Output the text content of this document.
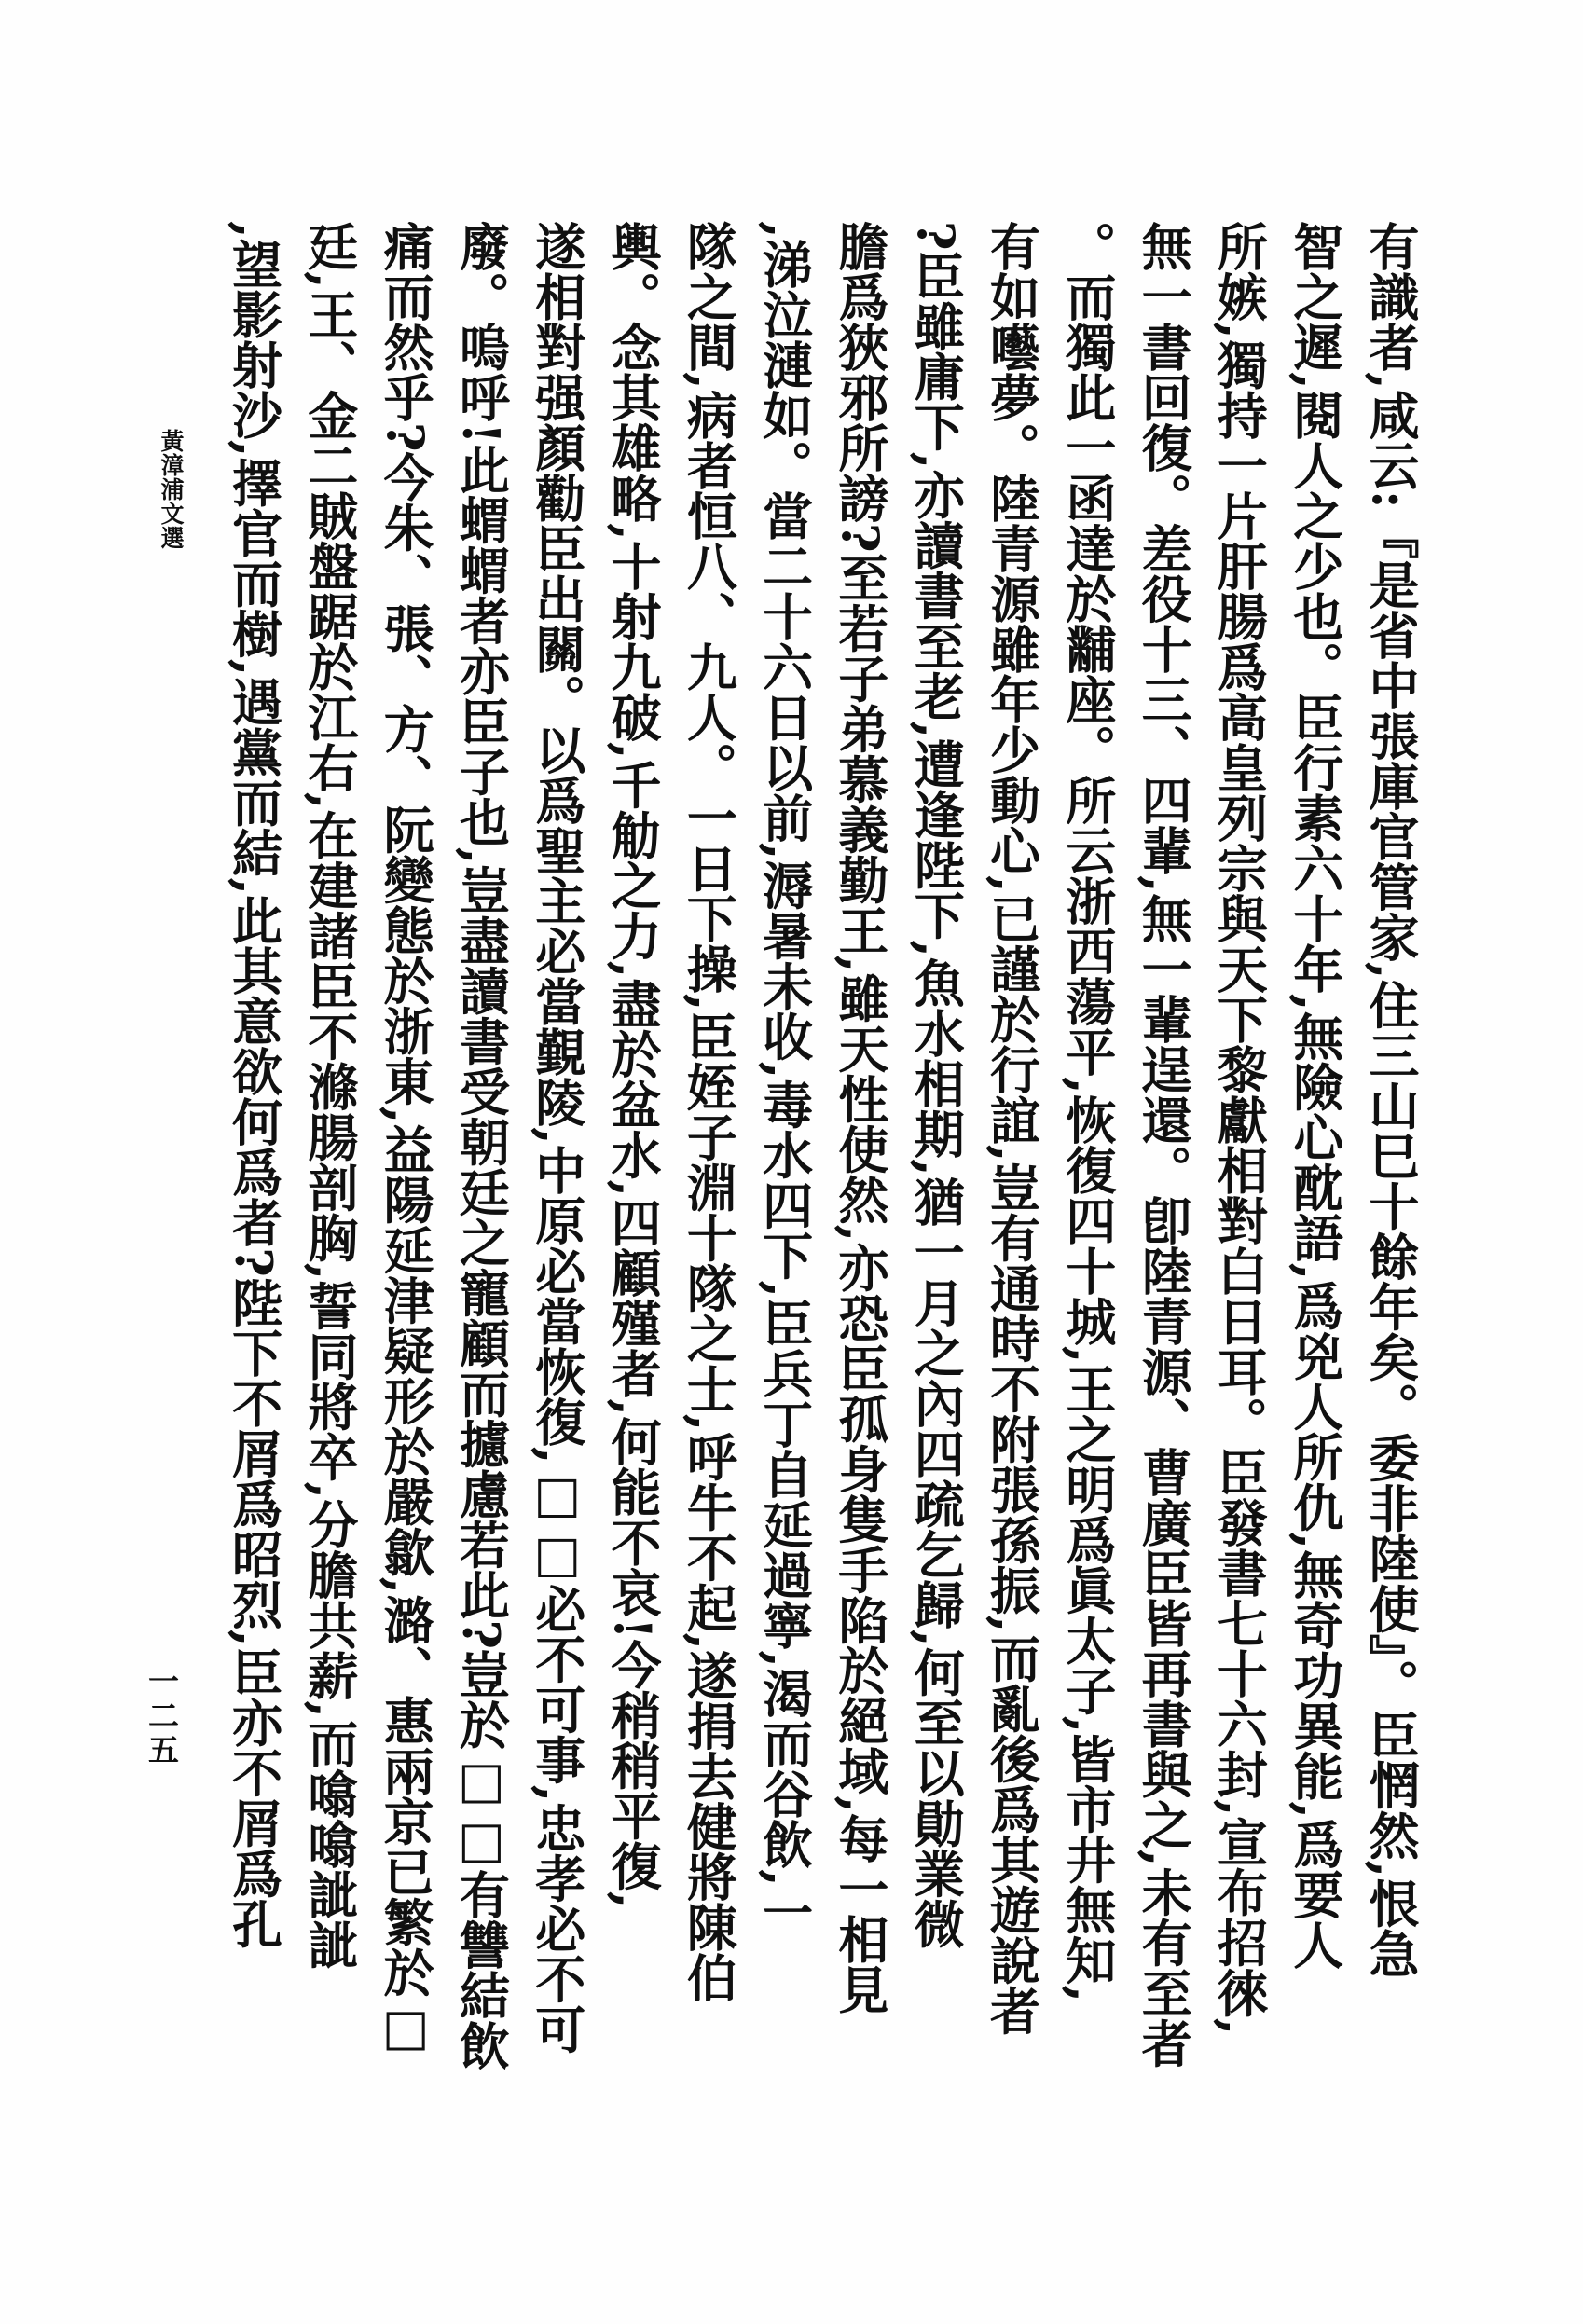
黃漳浦文選	有識者,咸云:『是省中張庫官管家,住三山巳十餘年矣。委非陸使』。臣惘然,恨急
智之遲,閱人之少也。臣行素六十年,無險心酖語,爲兇人所仇,無奇功異能,爲要人
所嫉,獨持一片肝腸爲高皇列宗與天下黎獻相對白日耳。臣發書七十六封,宣布招徠,
無一書回復。差役十三、四輩,無一輩逞還。卽陸青源、曹廣臣皆再書與之,未有至者
。而獨此一函達於黼座。所云浙西蕩平,恢復四十城,王之明爲眞太子,皆市井無知,
有如囈夢。陸青源雖年少動心,已謹於行誼,豈有通時不附張孫振,而亂後爲其遊說者
?臣雖庸下,亦讀書至老,遭逢陛下,魚水相期,猶一月之內四疏乞歸,何至以勛業微
膽爲狹邪所謗?至若子弟慕義勤王,雖天性使然,亦恐臣孤身隻手陷於絕域,每一相見
,涕泣漣如。當二十六日以前,溽暑未收,毒水四下,臣兵丁自延過寧,渴而谷飲,一
隊之間,病者恒八、九人。一日下操,臣姪子淵十隊之士,呼牛不起,遂捐去健將陳伯
輿。念其雄略,十射九破,千觔之力,盡於盆水,四顧殣者,何能不哀!今稍稍平復,
遂相對强顏勸臣出關。以爲聖主必當覲陵,中原必當恢復,□□必不可事,忠孝必不可
廢。嗚呼!此蝟蝟者亦臣子也,豈盡讀書受朝廷之寵顧而攄慮若此?豈於□□有讐結飲
痛而然乎?今朱、張、方、阮變態於浙東,益陽延津疑形於嚴歙,潞、惠兩京已繁於□
廷,王、金二賊盤踞於江右,在建諸臣不滌腸剖胸,誓同將卒,分膽共薪,而噏噏訿訿
,望影射沙,擇官而樹,遇黨而結,此其意欲何爲者?陛下不屑爲昭烈,臣亦不屑爲孔
一二五
